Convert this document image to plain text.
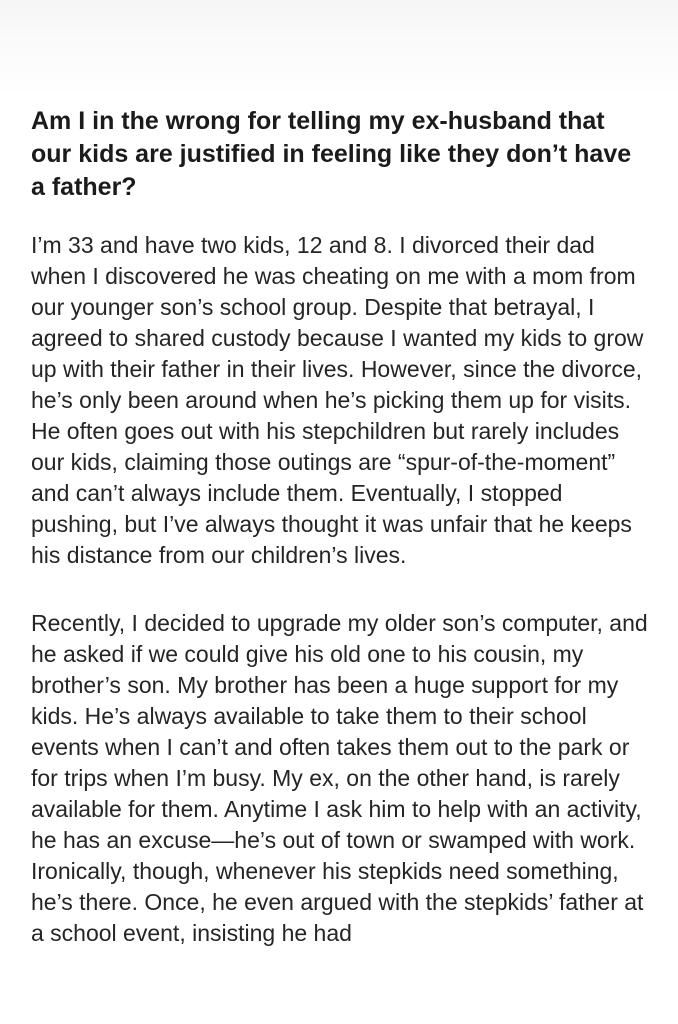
Am I in the wrong for telling my ex-husband that our kids are justified in feeling like they don’t have a father?

I’m 33 and have two kids, 12 and 8. I divorced their dad when I discovered he was cheating on me with a mom from our younger son’s school group. Despite that betrayal, I agreed to shared custody because I wanted my kids to grow up with their father in their lives. However, since the divorce, he’s only been around when he’s picking them up for visits. He often goes out with his stepchildren but rarely includes our kids, claiming those outings are “spur-of-the-moment” and can’t always include them. Eventually, I stopped pushing, but I’ve always thought it was unfair that he keeps his distance from our children’s lives.

Recently, I decided to upgrade my older son’s computer, and he asked if we could give his old one to his cousin, my brother’s son. My brother has been a huge support for my kids. He’s always available to take them to their school events when I can’t and often takes them out to the park or for trips when I’m busy. My ex, on the other hand, is rarely available for them. Anytime I ask him to help with an activity, he has an excuse—he’s out of town or swamped with work. Ironically, though, whenever his stepkids need something, he’s there. Once, he even argued with the stepkids’ father at a school event, insisting he had
